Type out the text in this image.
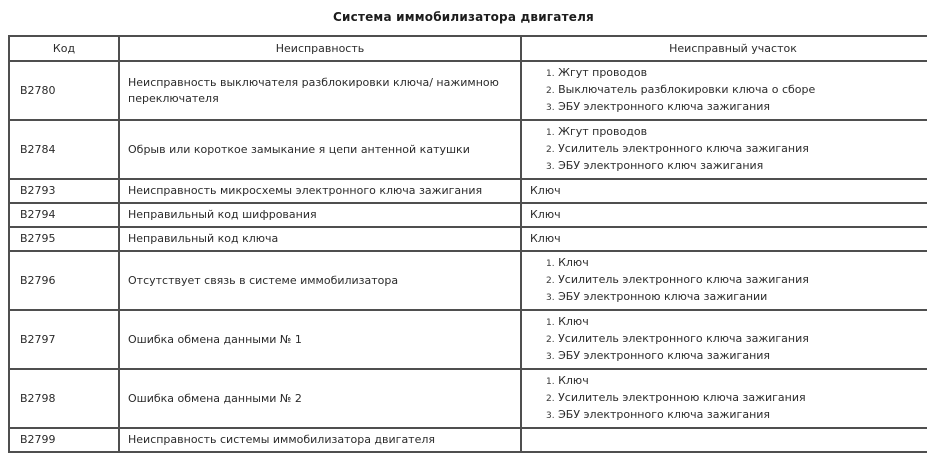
Система иммобилизатора двигателя
Код	Неисправность	Неисправный участок
B2780	Неисправность выключателя разблокировки ключа/ нажимною переключателя	1. Жгут проводов
2. Выключатель разблокировки ключа о сборе
3. ЭБУ электронного ключа зажигания

B2784	Обрыв или короткое замыкание я цепи антенной катушки	1. Жгут проводов
2. Усилитель электронного ключа зажигания
3. ЭБУ электронного ключ зажигания

B2793	Неисправность микросхемы электронного ключа зажигания	Ключ
B2794	Неправильный код шифрования	Ключ
B2795	Неправильный код ключа	Ключ
B2796	Отсутствует связь в системе иммобилизатора	1. Ключ
2. Усилитель электронного ключа зажигания
3. ЭБУ электронною ключа зажигании

B2797	Ошибка обмена данными № 1	1. Ключ
2. Усилитель электронного ключа зажигания
3. ЭБУ электронного ключа зажигания

B2798	Ошибка обмена данными № 2	1. Ключ
2. Усилитель электронною ключа зажигания
3. ЭБУ электронного ключа зажигания

B2799	Неисправность системы иммобилизатора двигателя	
